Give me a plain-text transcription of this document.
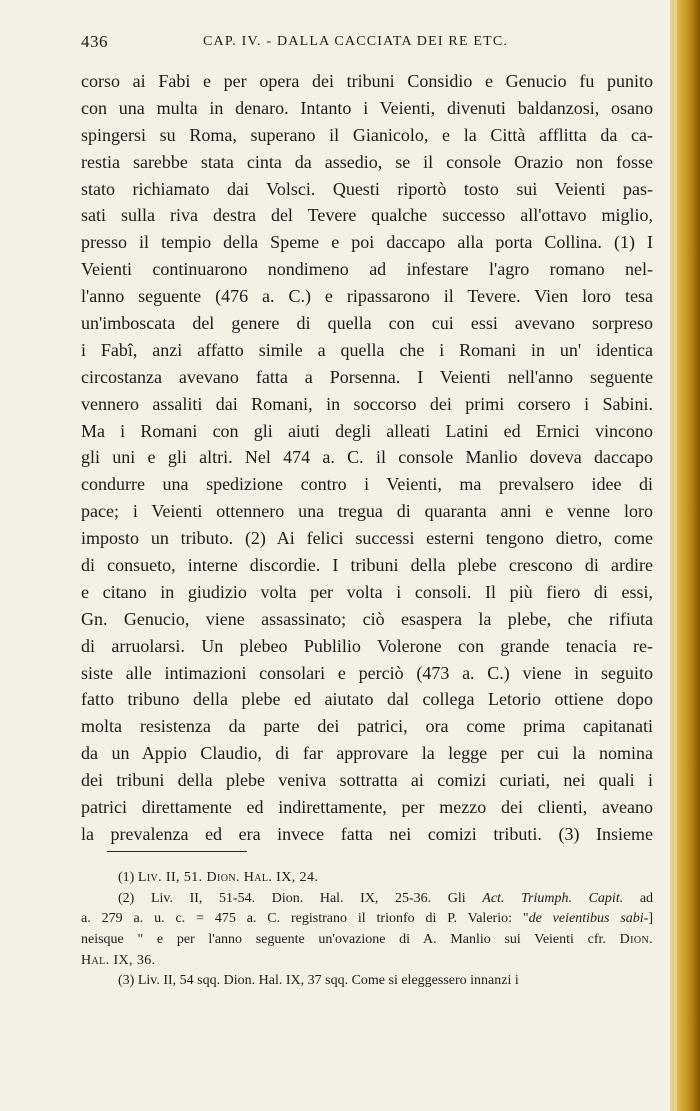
436	CAP. IV. - DALLA CACCIATA DEI RE ETC.
corso ai Fabi e per opera dei tribuni Considio e Genucio fu punito
con una multa in denaro. Intanto i Veienti, divenuti baldanzosi, osano
spingersi su Roma, superano il Gianicolo, e la Città afflitta da ca-
restia sarebbe stata cinta da assedio, se il console Orazio non fosse
stato richiamato dai Volsci. Questi riportò tosto sui Veienti pas-
sati sulla riva destra del Tevere qualche successo all'ottavo miglio,
presso il tempio della Speme e poi daccapo alla porta Collina. (1) I
Veienti continuarono nondimeno ad infestare l'agro romano nel-
l'anno seguente (476 a. C.) e ripassarono il Tevere. Vien loro tesa
un'imboscata del genere di quella con cui essi avevano sorpreso
i Fabî, anzi affatto simile a quella che i Romani in un' identica
circostanza avevano fatta a Porsenna. I Veienti nell'anno seguente
vennero assaliti dai Romani, in soccorso dei primi corsero i Sabini.
Ma i Romani con gli aiuti degli alleati Latini ed Ernici vincono
gli uni e gli altri. Nel 474 a. C. il console Manlio doveva daccapo
condurre una spedizione contro i Veienti, ma prevalsero idee di
pace; i Veienti ottennero una tregua di quaranta anni e venne loro
imposto un tributo. (2) Ai felici successi esterni tengono dietro, come
di consueto, interne discordie. I tribuni della plebe crescono di ardire
e citano in giudizio volta per volta i consoli. Il più fiero di essi,
Gn. Genucio, viene assassinato; ciò esaspera la plebe, che rifiuta
di arruolarsi. Un plebeo Publilio Volerone con grande tenacia re-
siste alle intimazioni consolari e perciò (473 a. C.) viene in seguito
fatto tribuno della plebe ed aiutato dal collega Letorio ottiene dopo
molta resistenza da parte dei patrici, ora come prima capitanati
da un Appio Claudio, di far approvare la legge per cui la nomina
dei tribuni della plebe veniva sottratta ai comizi curiati, nei quali i
patrici direttamente ed indirettamente, per mezzo dei clienti, aveano
la prevalenza ed era invece fatta nei comizi tributi. (3) Insieme
(1) Liv. II, 51. Dion. Hal. IX, 24.
(2) Liv. II, 51-54. Dion. Hal. IX, 25-36. Gli Act. Triumph. Capit. ad
a. 279 a. u. c. = 475 a. C. registrano il trionfo di P. Valerio: "de veientibus sabi-]
neisque " e per l'anno seguente un'ovazione di A. Manlio sui Veienti cfr. Dion.
Hal. IX, 36.
(3) Liv. II, 54 sqq. Dion. Hal. IX, 37 sqq. Come si eleggessero innanzi i
